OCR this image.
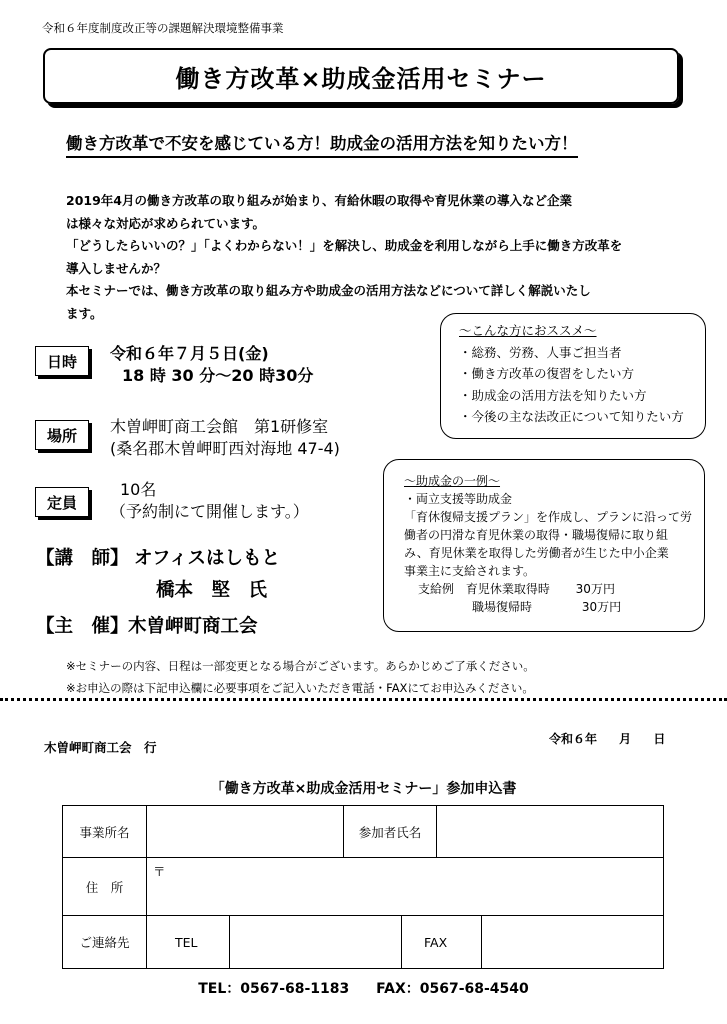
令和６年度制度改正等の課題解決環境整備事業
働き方改革×助成金活用セミナー
働き方改革で不安を感じている方！助成金の活用方法を知りたい方！
2019年4月の働き方改革の取り組みが始まり、有給休暇の取得や育児休業の導入など企業
は様々な対応が求められています。
「どうしたらいいの？」「よくわからない！」を解決し、助成金を利用しながら上手に働き方改革を
導入しませんか？
本セミナーでは、働き方改革の取り組み方や助成金の活用方法などについて詳しく解説いたし
ます。
日時	令和６年７月５日(金)
18 時 30 分～20 時30分
場所	木曽岬町商工会館　第1研修室
(桑名郡木曽岬町西対海地 47-4)
定員
10名
（予約制にて開催します。）
【講　師】 オフィスはしもと
橋本　堅　氏
【主　催】 木曽岬町商工会
～こんな方におススメ～
・総務、労務、人事ご担当者
・働き方改革の復習をしたい方
・助成金の活用方法を知りたい方
・今後の主な法改正について知りたい方
～助成金の一例～
・両立支援等助成金
「育休復帰支援プラン」を作成し、プランに沿って労
働者の円滑な育児休業の取得・職場復帰に取り組
み、育児休業を取得した労働者が生じた中小企業
事業主に支給されます。
支給例 育児休業取得時 30万円
職場復帰時	30万円
※セミナーの内容、日程は一部変更となる場合がございます。あらかじめご了承ください。
※お申込の際は下記申込欄に必要事項をご記入いただき電話・FAXにてお申込みください。
木曽岬町商工会　行
令和６年 月 日
「働き方改革×助成金活用セミナー」参加申込書
事業所名		参加者氏名	
住　所	〒		
ご連絡先	TEL FAX		
TEL：0567-68-1183 FAX：0567-68-4540
